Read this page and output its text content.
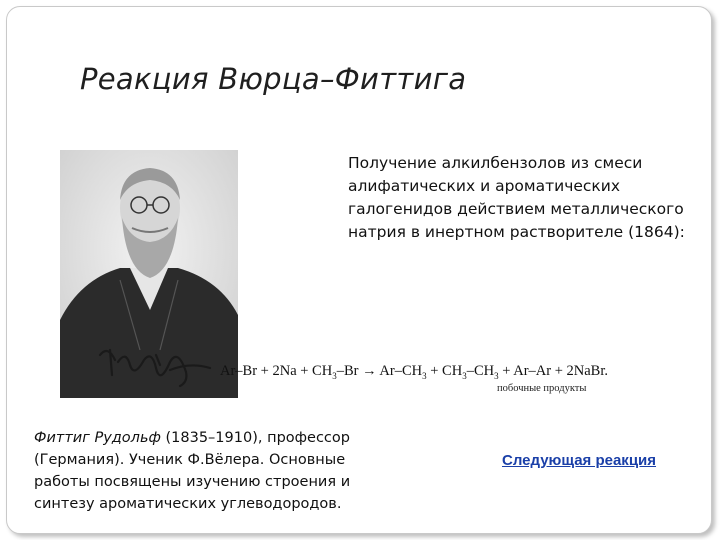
Реакция Вюрца–Фиттига
Получение алкилбензолов из смеси
алифатических и ароматических
галогенидов действием металлического
натрия в инертном растворителе (1864):
$Ar-Br + 2Na + CH_3-Br \to Ar-CH_3 + CH_3-CH_3 + Ar-Ar$ + 2NaBr.
побочные продукты
Фиттиг Рудольф (1835–1910), профессор
(Германия). Ученик Ф.Вёлера. Основные
работы посвящены изучению строения и
синтезу ароматических углеводородов.
Следующая реакция
